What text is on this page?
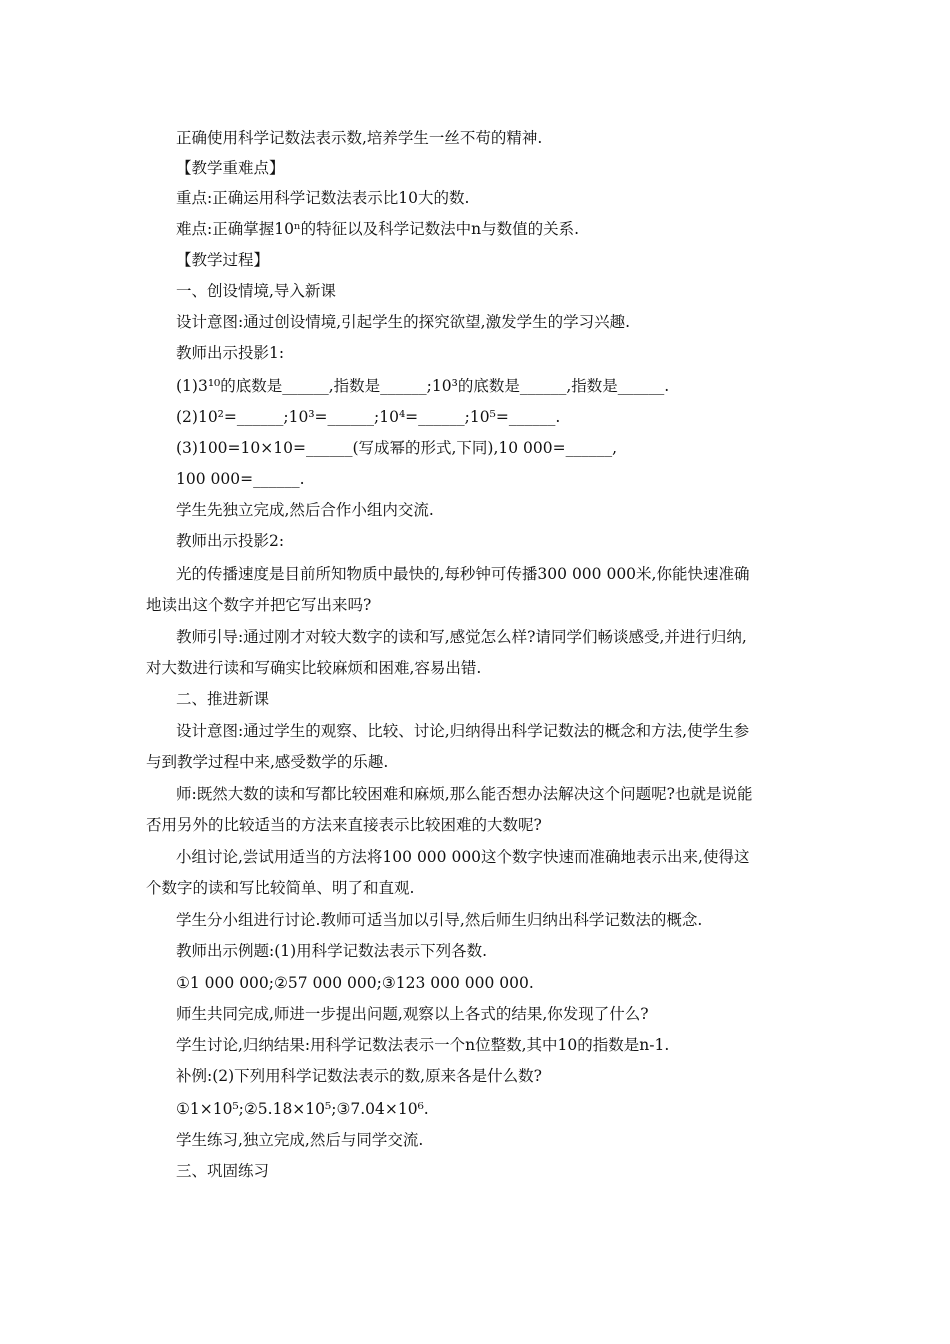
正确使用科学记数法表示数,培养学生一丝不苟的精神.
【教学重难点】
重点:正确运用科学记数法表示比10大的数.
难点:正确掌握10ⁿ的特征以及科学记数法中n与数值的关系.
【教学过程】
一、创设情境,导入新课
设计意图:通过创设情境,引起学生的探究欲望,激发学生的学习兴趣.
教师出示投影1:
(1)3¹⁰的底数是______,指数是______;10³的底数是______,指数是______.
(2)10²=______;10³=______;10⁴=______;10⁵=______.
(3)100=10×10=______(写成幂的形式,下同),10 000=______,
100 000=______.
学生先独立完成,然后合作小组内交流.
教师出示投影2:
光的传播速度是目前所知物质中最快的,每秒钟可传播300 000 000米,你能快速准确
地读出这个数字并把它写出来吗?
教师引导:通过刚才对较大数字的读和写,感觉怎么样?请同学们畅谈感受,并进行归纳,
对大数进行读和写确实比较麻烦和困难,容易出错.
二、推进新课
设计意图:通过学生的观察、比较、讨论,归纳得出科学记数法的概念和方法,使学生参
与到教学过程中来,感受数学的乐趣.
师:既然大数的读和写都比较困难和麻烦,那么能否想办法解决这个问题呢?也就是说能
否用另外的比较适当的方法来直接表示比较困难的大数呢?
小组讨论,尝试用适当的方法将100 000 000这个数字快速而准确地表示出来,使得这
个数字的读和写比较简单、明了和直观.
学生分小组进行讨论.教师可适当加以引导,然后师生归纳出科学记数法的概念.
教师出示例题:(1)用科学记数法表示下列各数.
①1 000 000;②57 000 000;③123 000 000 000.
师生共同完成,师进一步提出问题,观察以上各式的结果,你发现了什么?
学生讨论,归纳结果:用科学记数法表示一个n位整数,其中10的指数是n-1.
补例:(2)下列用科学记数法表示的数,原来各是什么数?
①1×10⁵;②5.18×10⁵;③7.04×10⁶.
学生练习,独立完成,然后与同学交流.
三、巩固练习
